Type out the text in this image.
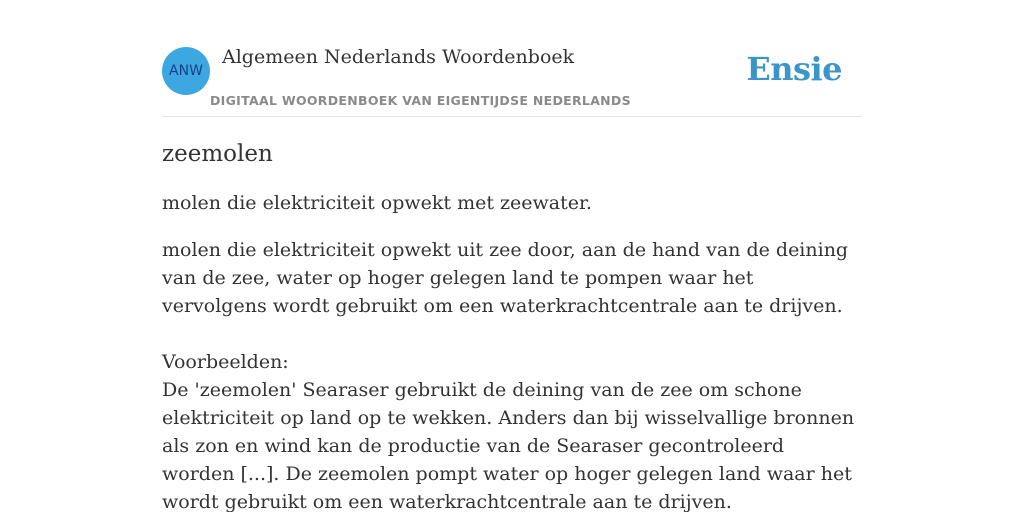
ANW
Algemeen Nederlands Woordenboek
DIGITAAL WOORDENBOEK VAN EIGENTIJDSE NEDERLANDS
Ensie
zeemolen

molen die elektriciteit opwekt met zeewater.

molen die elektriciteit opwekt uit zee door, aan de hand van de deining van de zee, water op hoger gelegen land te pompen waar het vervolgens wordt gebruikt om een waterkrachtcentrale aan te drijven.

Voorbeelden:

De 'zeemolen' Searaser gebruikt de deining van de zee om schone elektriciteit op land op te wekken. Anders dan bij wisselvallige bronnen als zon en wind kan de productie van de Searaser gecontroleerd worden [...]. De zeemolen pompt water op hoger gelegen land waar het wordt gebruikt om een waterkrachtcentrale aan te drijven.
